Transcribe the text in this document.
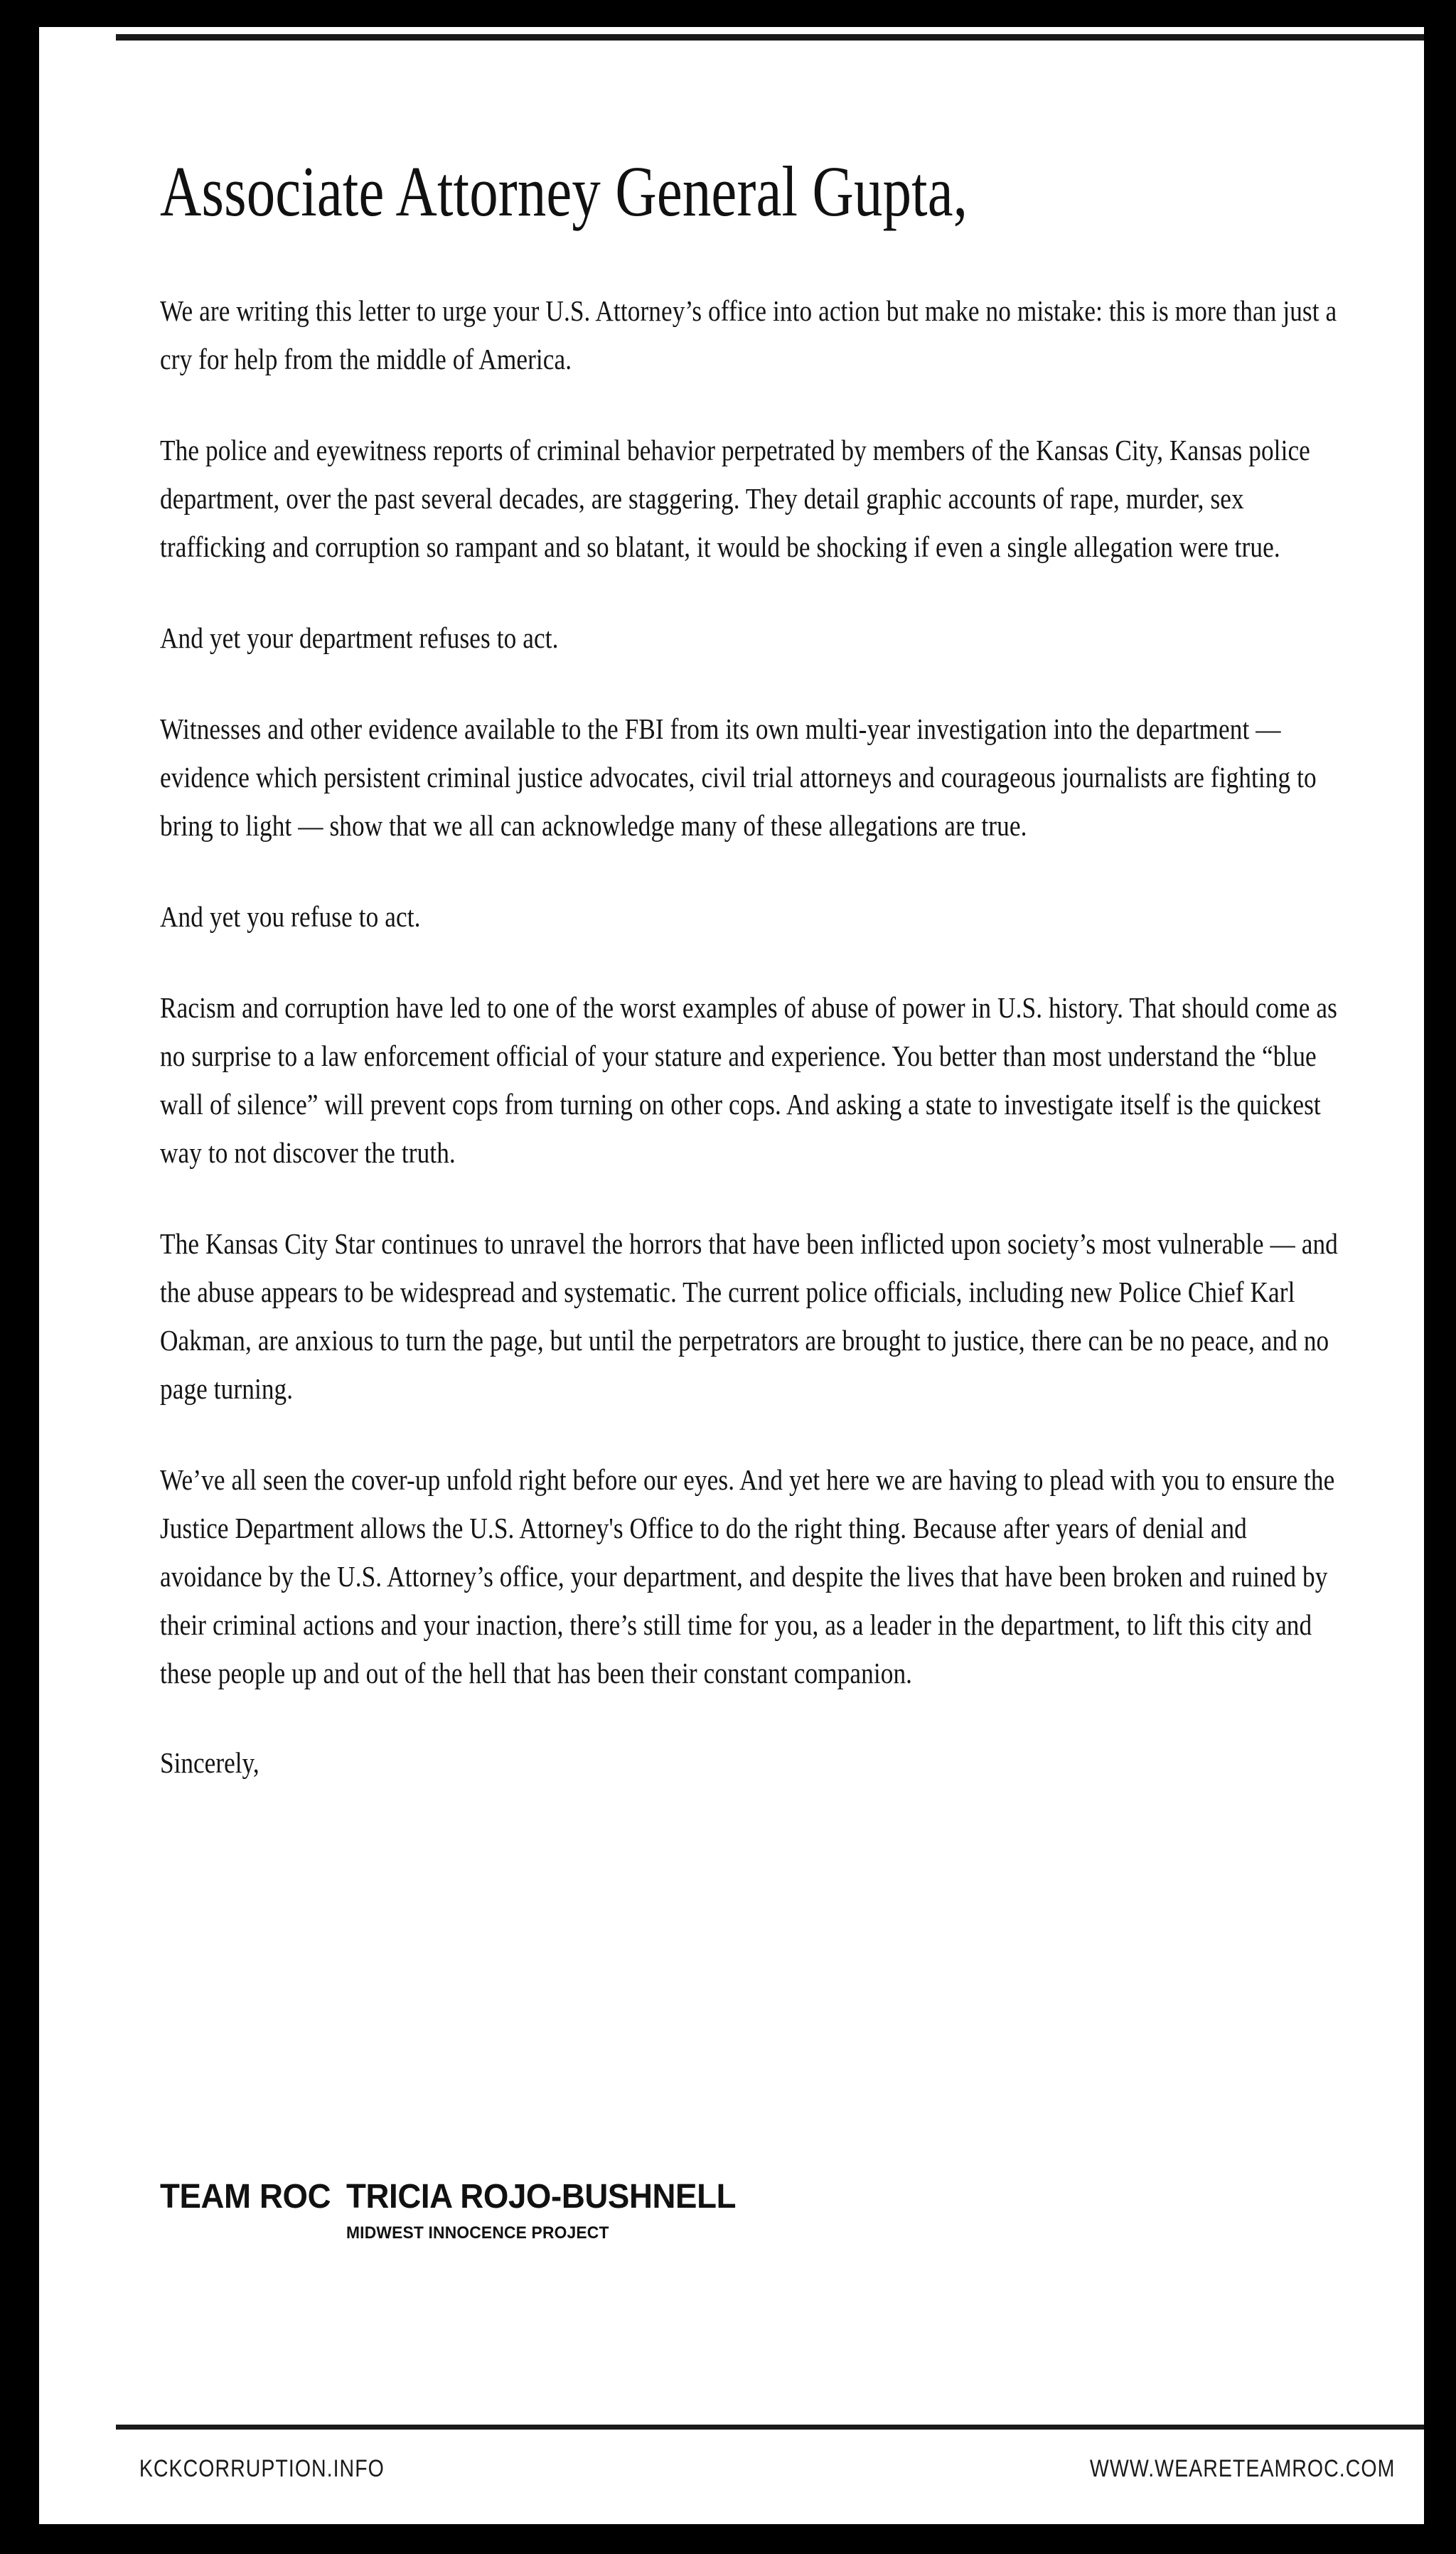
Associate Attorney General Gupta,

We are writing this letter to urge your U.S. Attorney’s office into action but make no mistake: this is more than just a cry for help from the middle of America.

The police and eyewitness reports of criminal behavior perpetrated by members of the Kansas City, Kansas police department, over the past several decades, are staggering. They detail graphic accounts of rape, murder, sex trafficking and corruption so rampant and so blatant, it would be shocking if even a single allegation were true.

And yet your department refuses to act.

Witnesses and other evidence available to the FBI from its own multi-year investigation into the department — evidence which persistent criminal justice advocates, civil trial attorneys and courageous journalists are fighting to bring to light — show that we all can acknowledge many of these allegations are true.

And yet you refuse to act.

Racism and corruption have led to one of the worst examples of abuse of power in U.S. history. That should come as no surprise to a law enforcement official of your stature and experience. You better than most understand the “blue wall of silence” will prevent cops from turning on other cops. And asking a state to investigate itself is the quickest way to not discover the truth.

The Kansas City Star continues to unravel the horrors that have been inflicted upon society’s most vulnerable — and the abuse appears to be widespread and systematic. The current police officials, including new Police Chief Karl Oakman, are anxious to turn the page, but until the perpetrators are brought to justice, there can be no peace, and no page turning.

We’ve all seen the cover-up unfold right before our eyes. And yet here we are having to plead with you to ensure the Justice Department allows the U.S. Attorney's Office to do the right thing. Because after years of denial and avoidance by the U.S. Attorney’s office, your department, and despite the lives that have been broken and ruined by their criminal actions and your inaction, there’s still time for you, as a leader in the department, to lift this city and these people up and out of the hell that has been their constant companion.

Sincerely,
TEAM ROC TRICIA ROJO-BUSHNELL
MIDWEST INNOCENCE PROJECT
KCKCORRUPTION.INFO	WWW.WEARETEAMROC.COM
